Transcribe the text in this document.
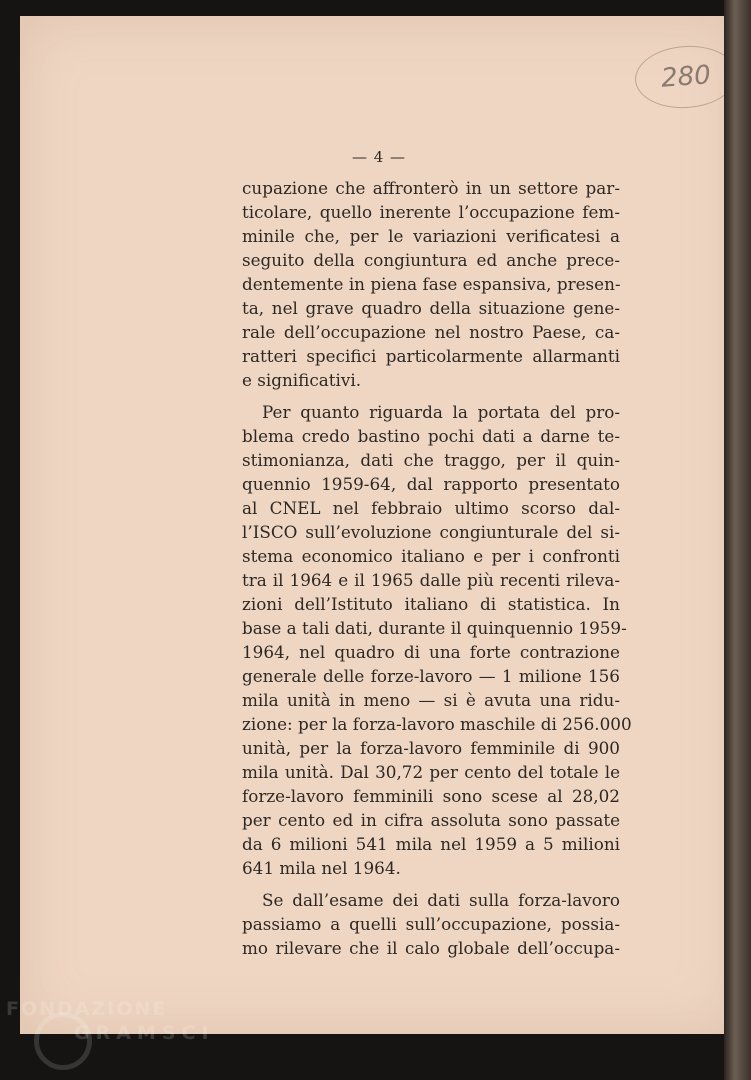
280
— 4 —

cupazione che affronterò in un settore par-
ticolare, quello inerente l’occupazione fem-
minile che, per le variazioni verificatesi a
seguito della congiuntura ed anche prece-
dentemente in piena fase espansiva, presen-
ta, nel grave quadro della situazione gene-
rale dell’occupazione nel nostro Paese, ca-
ratteri specifici particolarmente allarmanti
e significativi.

Per quanto riguarda la portata del pro-
blema credo bastino pochi dati a darne te-
stimonianza, dati che traggo, per il quin-
quennio 1959-64, dal rapporto presentato
al CNEL nel febbraio ultimo scorso dal-
l’ISCO sull’evoluzione congiunturale del si-
stema economico italiano e per i confronti
tra il 1964 e il 1965 dalle più recenti rileva-
zioni dell’Istituto italiano di statistica. In
base a tali dati, durante il quinquennio 1959-
1964, nel quadro di una forte contrazione
generale delle forze-lavoro — 1 milione 156
mila unità in meno — si è avuta una ridu-
zione: per la forza-lavoro maschile di 256.000
unità, per la forza-lavoro femminile di 900
mila unità. Dal 30,72 per cento del totale le
forze-lavoro femminili sono scese al 28,02
per cento ed in cifra assoluta sono passate
da 6 milioni 541 mila nel 1959 a 5 milioni
641 mila nel 1964.

Se dall’esame dei dati sulla forza-lavoro
passiamo a quelli sull’occupazione, possia-
mo rilevare che il calo globale dell’occupa-

FONDAZIONE
GRAMSCI
